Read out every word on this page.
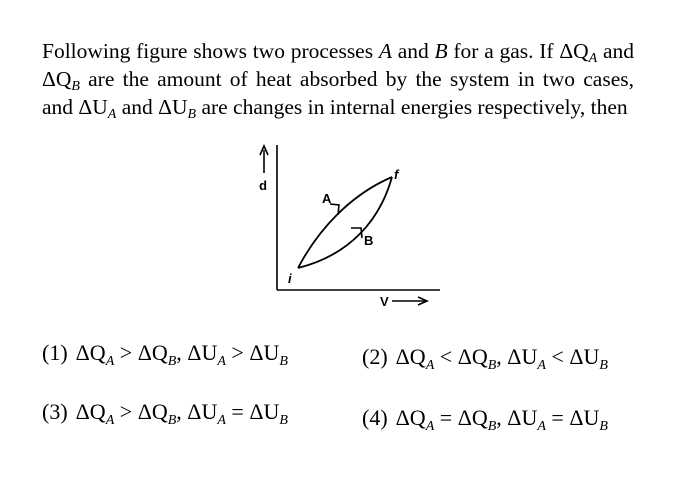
Following figure shows two processes A and B for a gas. If $\Delta Q_A$ and $\Delta Q_B$ are the amount of heat absorbed by the system in two cases, and $\Delta U_A$ and $\Delta U_B$ are changes in internal energies respectively, then

p
A
B
i
f
V
(1) $\Delta Q_A > \Delta Q_B$, $\Delta U_A > \Delta U_B$	(2) $\Delta Q_A < \Delta Q_B$, $\Delta U_A < \Delta U_B$
(3) $\Delta Q_A > \Delta Q_B$, $\Delta U_A = \Delta U_B$	(4) $\Delta Q_A = \Delta Q_B$, $\Delta U_A = \Delta U_B$
